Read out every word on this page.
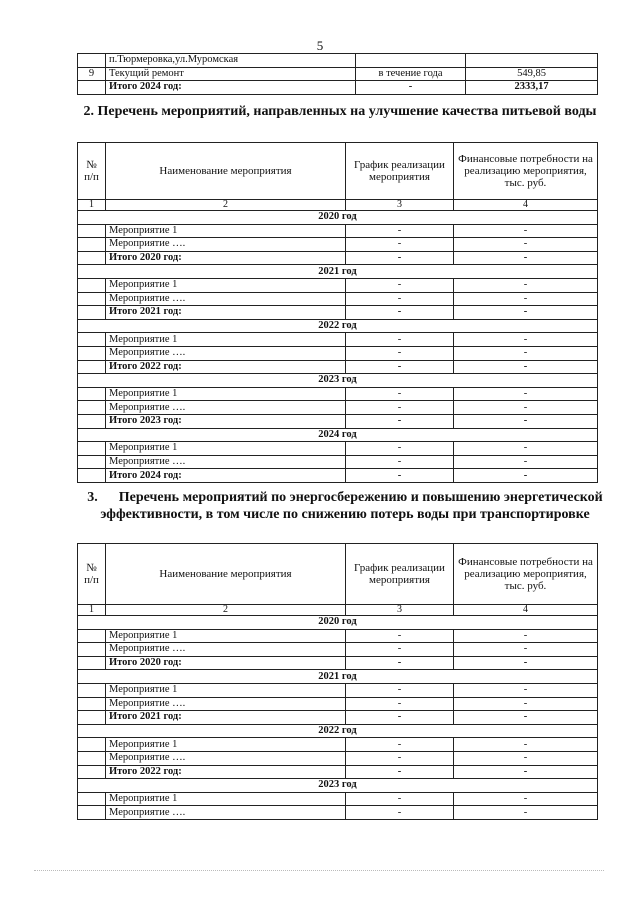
5
	п.Тюрмеровка,ул.Муромская		
9	Текущий ремонт	в течение года	549,85
	Итого 2024 год:	-	2333,17
2. Перечень мероприятий, направленных на улучшение качества питьевой воды
№ п/п	Наименование мероприятия	График реализации мероприятия	Финансовые потребности на реализацию мероприятия, тыс. руб.
1	2	3	4
2020 год			
	Мероприятие 1	-	-
	Мероприятие ….	-	-
	Итого 2020 год:	-	-
2021 год			
	Мероприятие 1	-	-
	Мероприятие ….	-	-
	Итого 2021 год:	-	-
2022 год			
	Мероприятие 1	-	-
	Мероприятие ….	-	-
	Итого 2022 год:	-	-
2023 год			
	Мероприятие 1	-	-
	Мероприятие ….	-	-
	Итого 2023 год:	-	-
2024 год			
	Мероприятие 1	-	-
	Мероприятие ….	-	-
	Итого 2024 год:	-	-
3.      Перечень мероприятий по энергосбережению и повышению энергетической эффективности, в том числе по снижению потерь воды при транспортировке
№ п/п	Наименование мероприятия	График реализации мероприятия	Финансовые потребности на реализацию мероприятия, тыс. руб.
1	2	3	4
2020 год			
	Мероприятие 1	-	-
	Мероприятие ….	-	-
	Итого 2020 год:	-	-
2021 год			
	Мероприятие 1	-	-
	Мероприятие ….	-	-
	Итого 2021 год:	-	-
2022 год			
	Мероприятие 1	-	-
	Мероприятие ….	-	-
	Итого 2022 год:	-	-
2023 год			
	Мероприятие 1	-	-
	Мероприятие ….	-	-
